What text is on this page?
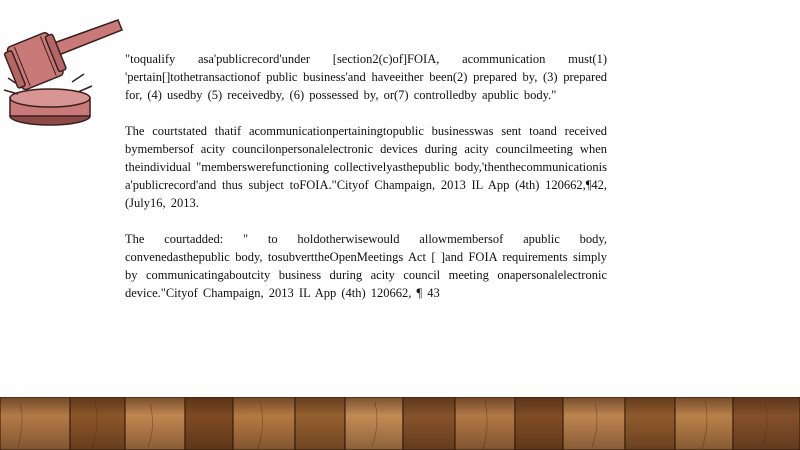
"toqualify asa'publicrecord'under [section2(c)of]FOIA, acommunication must(1) 'pertain[]tothetransactionof public business'and haveeither been(2) prepared by, (3) prepared for, (4) usedby (5) receivedby, (6) possessed by, or(7) controlledby apublic body."

The courtstated thatif acommunicationpertainingtopublic businesswas sent toand received bymembersof acity councilonpersonalelectronic devices during acity councilmeeting when theindividual "memberswerefunctioning collectivelyasthepublic body,'thenthecommunicationis a'publicrecord'and thus subject toFOIA."Cityof Champaign, 2013 IL App (4th) 120662,¶42,(July16, 2013.

The courtadded: " to holdotherwisewould allowmembersof apublic body, convenedasthepublic body, tosubverttheOpenMeetings Act [ ]and FOIA requirements simply by communicatingaboutcity business during acity council meeting onapersonalelectronic device."Cityof Champaign, 2013 IL App (4th) 120662, ¶ 43
